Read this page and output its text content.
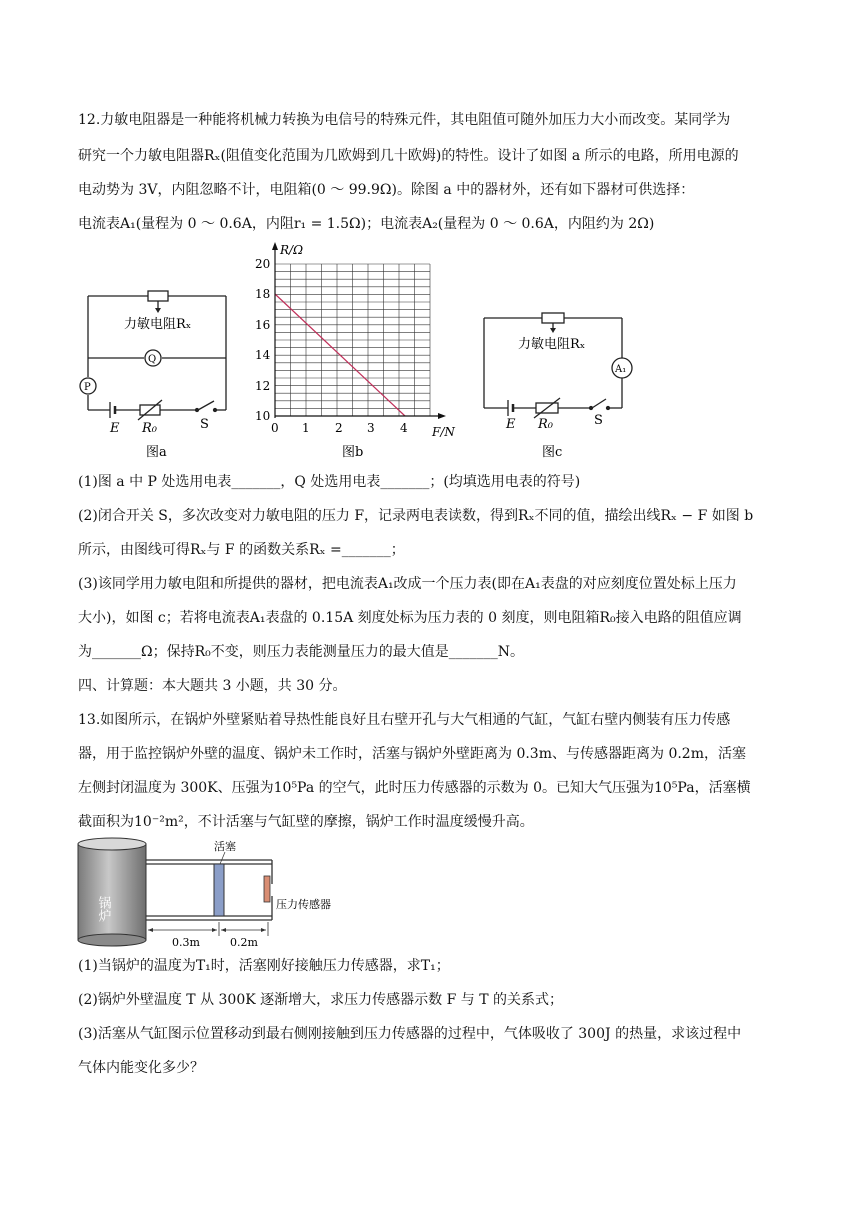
12.力敏电阻器是一种能将机械力转换为电信号的特殊元件，其电阻值可随外加压力大小而改变。某同学为
研究一个力敏电阻器Rₓ(阻值变化范围为几欧姆到几十欧姆)的特性。设计了如图 a 所示的电路，所用电源的
电动势为 3V，内阻忽略不计，电阻箱(0 ～ 99.9Ω)。除图 a 中的器材外，还有如下器材可供选择：
电流表A₁(量程为 0 ～ 0.6A，内阻r₁ = 1.5Ω)；电流表A₂(量程为 0 ～ 0.6A，内阻约为 2Ω)
力敏电阻Rₓ
Q
P
E R₀	S
图a
R/Ω
F/N
20
18
16
14
12
10
0 1 2 3 4
图b
力敏电阻Rₓ
A₁
E R₀	S
图c
(1)图 a 中 P 处选用电表_______，Q 处选用电表_______；(均填选用电表的符号)
(2)闭合开关 S，多次改变对力敏电阻的压力 F，记录两电表读数，得到Rₓ不同的值，描绘出线Rₓ − F 如图 b
所示，由图线可得Rₓ与 F 的函数关系Rₓ =_______；
(3)该同学用力敏电阻和所提供的器材，把电流表A₁改成一个压力表(即在A₁表盘的对应刻度位置处标上压力
大小)，如图 c；若将电流表A₁表盘的 0.15A 刻度处标为压力表的 0 刻度，则电阻箱R₀接入电路的阻值应调
为_______Ω；保持R₀不变，则压力表能测量压力的最大值是_______N。
四、计算题：本大题共 3 小题，共 30 分。
13.如图所示，在锅炉外壁紧贴着导热性能良好且右壁开孔与大气相通的气缸，气缸右壁内侧装有压力传感
器，用于监控锅炉外壁的温度、锅炉未工作时，活塞与锅炉外壁距离为 0.3m、与传感器距离为 0.2m，活塞
左侧封闭温度为 300K、压强为10⁵Pa 的空气，此时压力传感器的示数为 0。已知大气压强为10⁵Pa，活塞横
截面积为10⁻²m²，不计活塞与气缸壁的摩擦，锅炉工作时温度缓慢升高。
锅炉
活塞
压力传感器
0.3m	0.2m
(1)当锅炉的温度为T₁时，活塞刚好接触压力传感器，求T₁；
(2)锅炉外壁温度 T 从 300K 逐渐增大，求压力传感器示数 F 与 T 的关系式；
(3)活塞从气缸图示位置移动到最右侧刚接触到压力传感器的过程中，气体吸收了 300J 的热量，求该过程中
气体内能变化多少？
